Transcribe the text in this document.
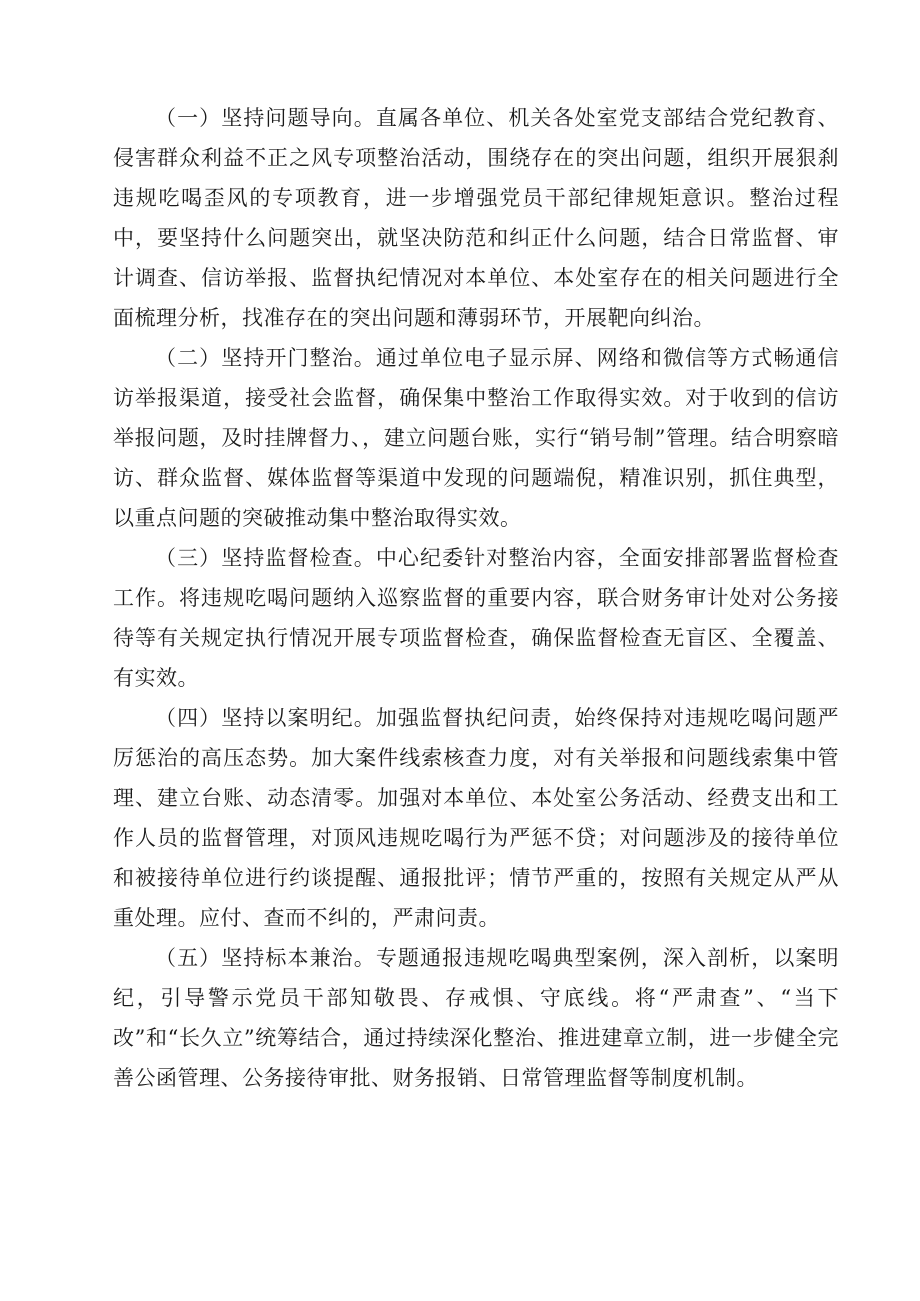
（一）坚持问题导向。直属各单位、机关各处室党支部结合党纪教育、侵害群众利益不正之风专项整治活动，围绕存在的突出问题，组织开展狠刹违规吃喝歪风的专项教育，进一步增强党员干部纪律规矩意识。整治过程中，要坚持什么问题突出，就坚决防范和纠正什么问题，结合日常监督、审计调查、信访举报、监督执纪情况对本单位、本处室存在的相关问题进行全面梳理分析，找准存在的突出问题和薄弱环节，开展靶向纠治。

（二）坚持开门整治。通过单位电子显示屏、网络和微信等方式畅通信访举报渠道，接受社会监督，确保集中整治工作取得实效。对于收到的信访举报问题，及时挂牌督力、，建立问题台账，实行“销号制”管理。结合明察暗访、群众监督、媒体监督等渠道中发现的问题端倪，精准识别，抓住典型，以重点问题的突破推动集中整治取得实效。

（三）坚持监督检查。中心纪委针对整治内容，全面安排部署监督检查工作。将违规吃喝问题纳入巡察监督的重要内容，联合财务审计处对公务接待等有关规定执行情况开展专项监督检查，确保监督检查无盲区、全覆盖、有实效。

（四）坚持以案明纪。加强监督执纪问责，始终保持对违规吃喝问题严厉惩治的高压态势。加大案件线索核查力度，对有关举报和问题线索集中管理、建立台账、动态清零。加强对本单位、本处室公务活动、经费支出和工作人员的监督管理，对顶风违规吃喝行为严惩不贷；对问题涉及的接待单位和被接待单位进行约谈提醒、通报批评；情节严重的，按照有关规定从严从重处理。应付、查而不纠的，严肃问责。

（五）坚持标本兼治。专题通报违规吃喝典型案例，深入剖析，以案明纪，引导警示党员干部知敬畏、存戒惧、守底线。将“严肃查”、“当下改”和“长久立”统筹结合，通过持续深化整治、推进建章立制，进一步健全完善公函管理、公务接待审批、财务报销、日常管理监督等制度机制。
